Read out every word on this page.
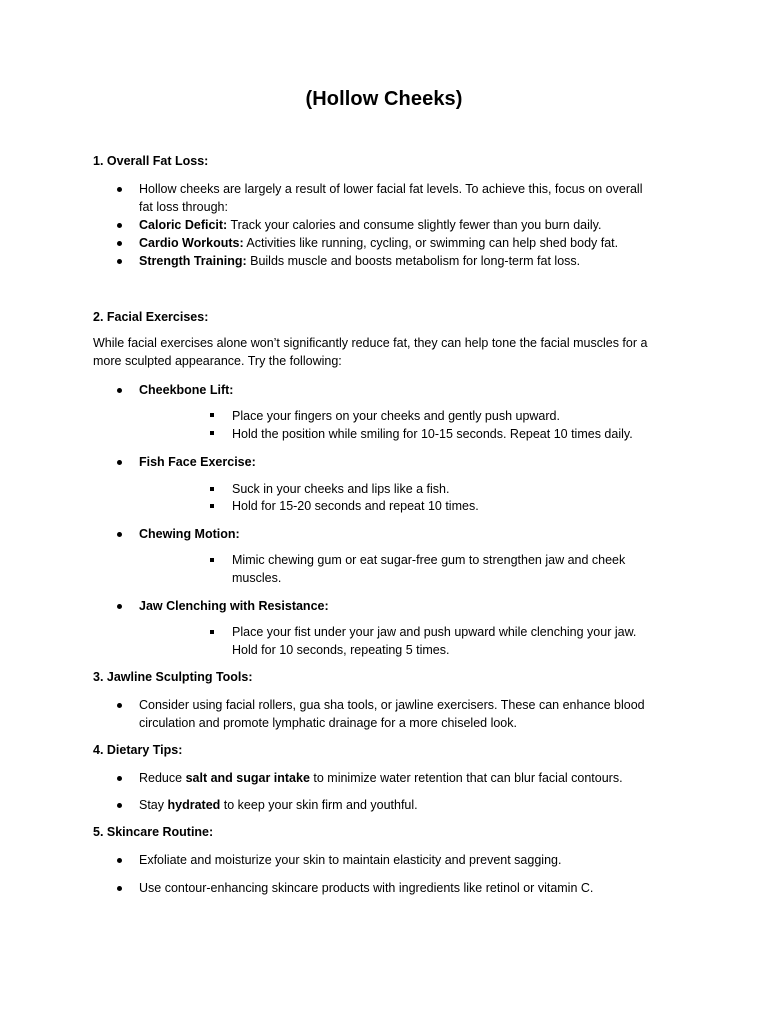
(Hollow Cheeks)
1. Overall Fat Loss:
Hollow cheeks are largely a result of lower facial fat levels. To achieve this, focus on overall
fat loss through:
Caloric Deficit: Track your calories and consume slightly fewer than you burn daily.
Cardio Workouts: Activities like running, cycling, or swimming can help shed body fat.
Strength Training: Builds muscle and boosts metabolism for long-term fat loss.
2. Facial Exercises:
While facial exercises alone won’t significantly reduce fat, they can help tone the facial muscles for a
more sculpted appearance. Try the following:
Cheekbone Lift:
Place your fingers on your cheeks and gently push upward.
Hold the position while smiling for 10-15 seconds. Repeat 10 times daily.
Fish Face Exercise:
Suck in your cheeks and lips like a fish.
Hold for 15-20 seconds and repeat 10 times.
Chewing Motion:
Mimic chewing gum or eat sugar-free gum to strengthen jaw and cheek
muscles.
Jaw Clenching with Resistance:
Place your fist under your jaw and push upward while clenching your jaw.
Hold for 10 seconds, repeating 5 times.
3. Jawline Sculpting Tools:
Consider using facial rollers, gua sha tools, or jawline exercisers. These can enhance blood
circulation and promote lymphatic drainage for a more chiseled look.
4. Dietary Tips:
Reduce salt and sugar intake to minimize water retention that can blur facial contours.
Stay hydrated to keep your skin firm and youthful.
5. Skincare Routine:
Exfoliate and moisturize your skin to maintain elasticity and prevent sagging.
Use contour-enhancing skincare products with ingredients like retinol or vitamin C.
